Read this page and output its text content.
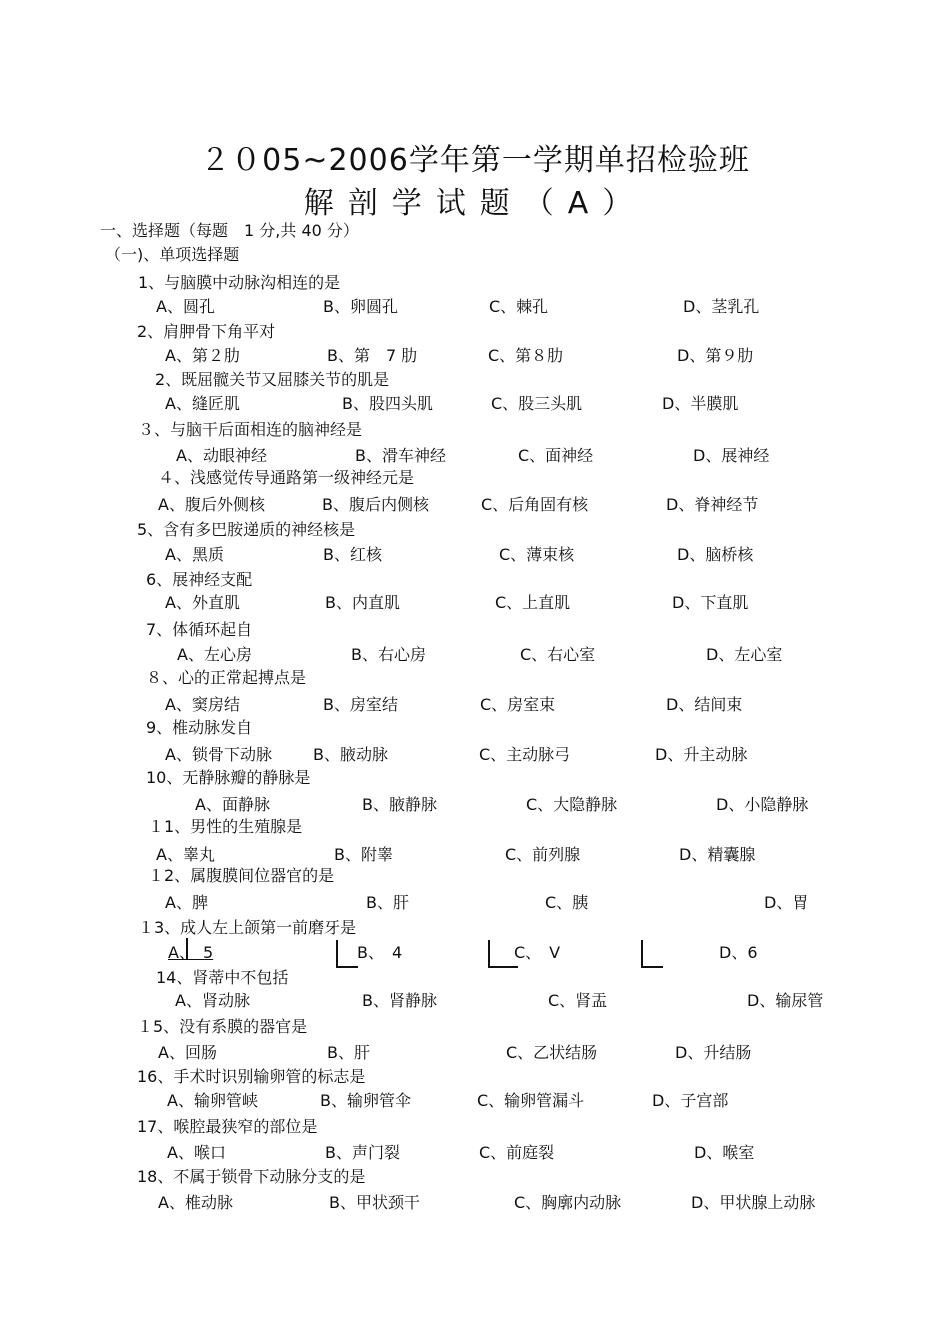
２０05~2006学年第一学期单招检验班
解剖学试题（A）
一、选择题（每题　1 分,共 40 分）
（一)、单项选择题
1、与脑膜中动脉沟相连的是
A、圆孔	B、卵圆孔	C、棘孔	D、茎乳孔
2、肩胛骨下角平对
A、第２肋	B、第　7 肋	C、第８肋	D、第９肋
2、既屈髋关节又屈膝关节的肌是
A、缝匠肌	B、股四头肌	C、股三头肌	D、半膜肌
３、与脑干后面相连的脑神经是
A、动眼神经	B、滑车神经	C、面神经	D、展神经
４、浅感觉传导通路第一级神经元是
A、腹后外侧核	B、腹后内侧核	C、后角固有核	D、脊神经节
5、含有多巴胺递质的神经核是
A、黑质	B、红核	C、薄束核	D、脑桥核
6、展神经支配
A、外直肌	B、内直肌	C、上直肌	D、下直肌
7、体循环起自
A、左心房	B、右心房	C、右心室	D、左心室
８、心的正常起搏点是
A、窦房结	B、房室结	C、房室束	D、结间束
9、椎动脉发自
A、锁骨下动脉	B、腋动脉	C、主动脉弓	D、升主动脉
10、无静脉瓣的静脉是
A、面静脉	B、腋静脉	C、大隐静脉	D、小隐静脉
１1、男性的生殖腺是
A、睾丸	B、附睾	C、前列腺	D、精囊腺
１2、属腹膜间位器官的是
A、脾	B、肝	C、胰	D、胃
１3、成人左上颌第一前磨牙是
A、　5	B、　4	C、　V	D、6
14、肾蒂中不包括
A、肾动脉	B、肾静脉	C、肾盂	D、输尿管
１5、没有系膜的器官是
A、回肠	B、肝	C、乙状结肠	D、升结肠
16、手术时识别输卵管的标志是
A、输卵管峡	B、输卵管伞	C、输卵管漏斗	D、子宫部
17、喉腔最狭窄的部位是
A、喉口	B、声门裂	C、前庭裂	D、喉室
18、不属于锁骨下动脉分支的是
A、椎动脉	B、甲状颈干	C、胸廓内动脉	D、甲状腺上动脉
